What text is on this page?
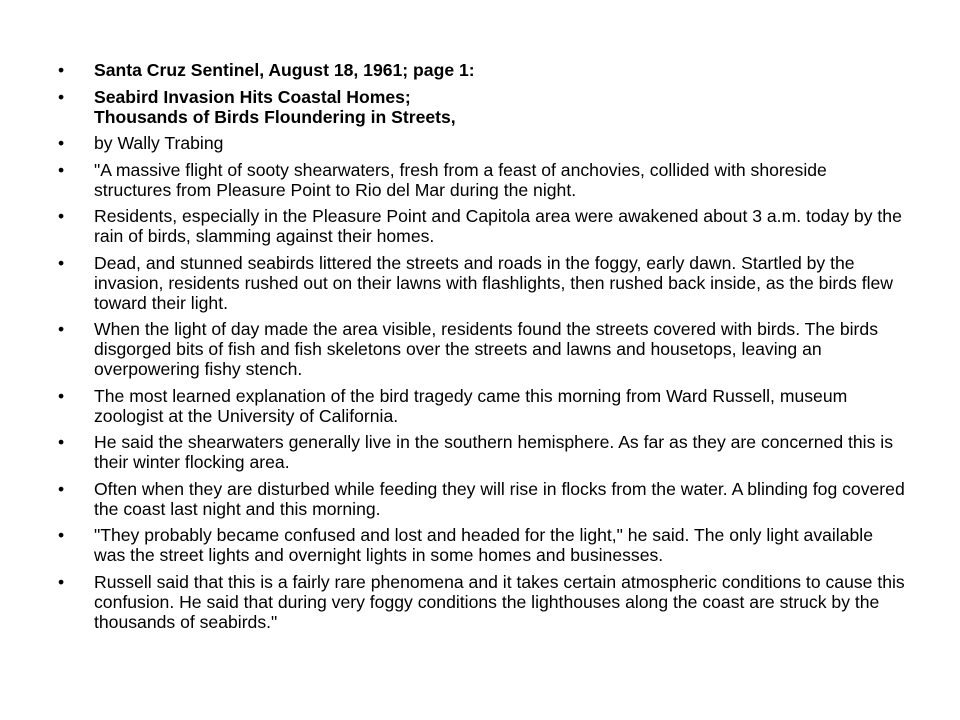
• Santa Cruz Sentinel, August 18, 1961; page 1:
• Seabird Invasion Hits Coastal Homes;
Thousands of Birds Floundering in Streets,
• by Wally Trabing
• "A massive flight of sooty shearwaters, fresh from a feast of anchovies, collided with shoreside structures from Pleasure Point to Rio del Mar during the night.
• Residents, especially in the Pleasure Point and Capitola area were awakened about 3 a.m. today by the rain of birds, slamming against their homes.
• Dead, and stunned seabirds littered the streets and roads in the foggy, early dawn. Startled by the invasion, residents rushed out on their lawns with flashlights, then rushed back inside, as the birds flew toward their light.
• When the light of day made the area visible, residents found the streets covered with birds. The birds disgorged bits of fish and fish skeletons over the streets and lawns and housetops, leaving an overpowering fishy stench.
• The most learned explanation of the bird tragedy came this morning from Ward Russell, museum zoologist at the University of California.
• He said the shearwaters generally live in the southern hemisphere. As far as they are concerned this is their winter flocking area.
• Often when they are disturbed while feeding they will rise in flocks from the water. A blinding fog covered the coast last night and this morning.
• "They probably became confused and lost and headed for the light," he said. The only light available was the street lights and overnight lights in some homes and businesses.
• Russell said that this is a fairly rare phenomena and it takes certain atmospheric conditions to cause this confusion. He said that during very foggy conditions the lighthouses along the coast are struck by the thousands of seabirds."
